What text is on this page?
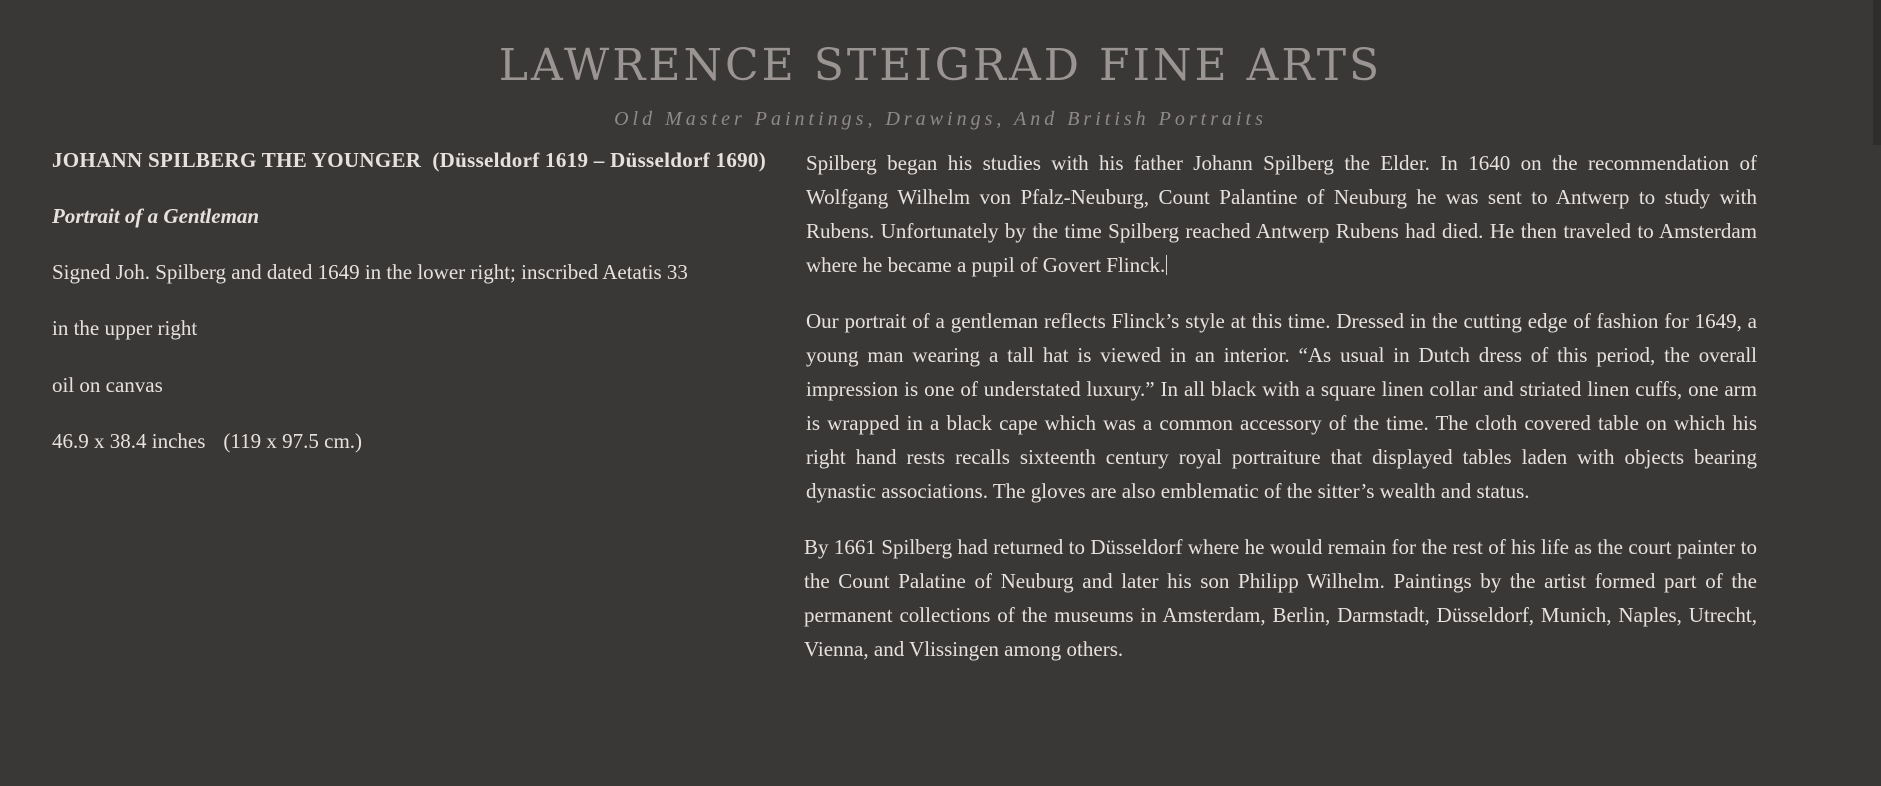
LAWRENCE STEIGRAD FINE ARTS

Old Master Paintings, Drawings, And British Portraits

JOHANN SPILBERG THE YOUNGER (Düsseldorf 1619 – Düsseldorf 1690)

Portrait of a Gentleman

Signed Joh. Spilberg and dated 1649 in the lower right; inscribed Aetatis 33

in the upper right

oil on canvas

46.9 x 38.4 inches (119 x 97.5 cm.)

Spilberg began his studies with his father Johann Spilberg the Elder. In 1640 on the recommendation of Wolfgang Wilhelm von Pfalz-Neuburg, Count Palantine of Neuburg he was sent to Antwerp to study with Rubens. Unfortunately by the time Spilberg reached Antwerp Rubens had died. He then traveled to Amsterdam where he became a pupil of Govert Flinck.

Our portrait of a gentleman reflects Flinck’s style at this time. Dressed in the cutting edge of fashion for 1649, a young man wearing a tall hat is viewed in an interior. “As usual in Dutch dress of this period, the overall impression is one of understated luxury.” In all black with a square linen collar and striated linen cuffs, one arm is wrapped in a black cape which was a common accessory of the time. The cloth covered table on which his right hand rests recalls sixteenth century royal portraiture that displayed tables laden with objects bearing dynastic associations. The gloves are also emblematic of the sitter’s wealth and status.

By 1661 Spilberg had returned to Düsseldorf where he would remain for the rest of his life as the court painter to the Count Palatine of Neuburg and later his son Philipp Wilhelm. Paintings by the artist formed part of the permanent collections of the museums in Amsterdam, Berlin, Darmstadt, Düsseldorf, Munich, Naples, Utrecht, Vienna, and Vlissingen among others.
